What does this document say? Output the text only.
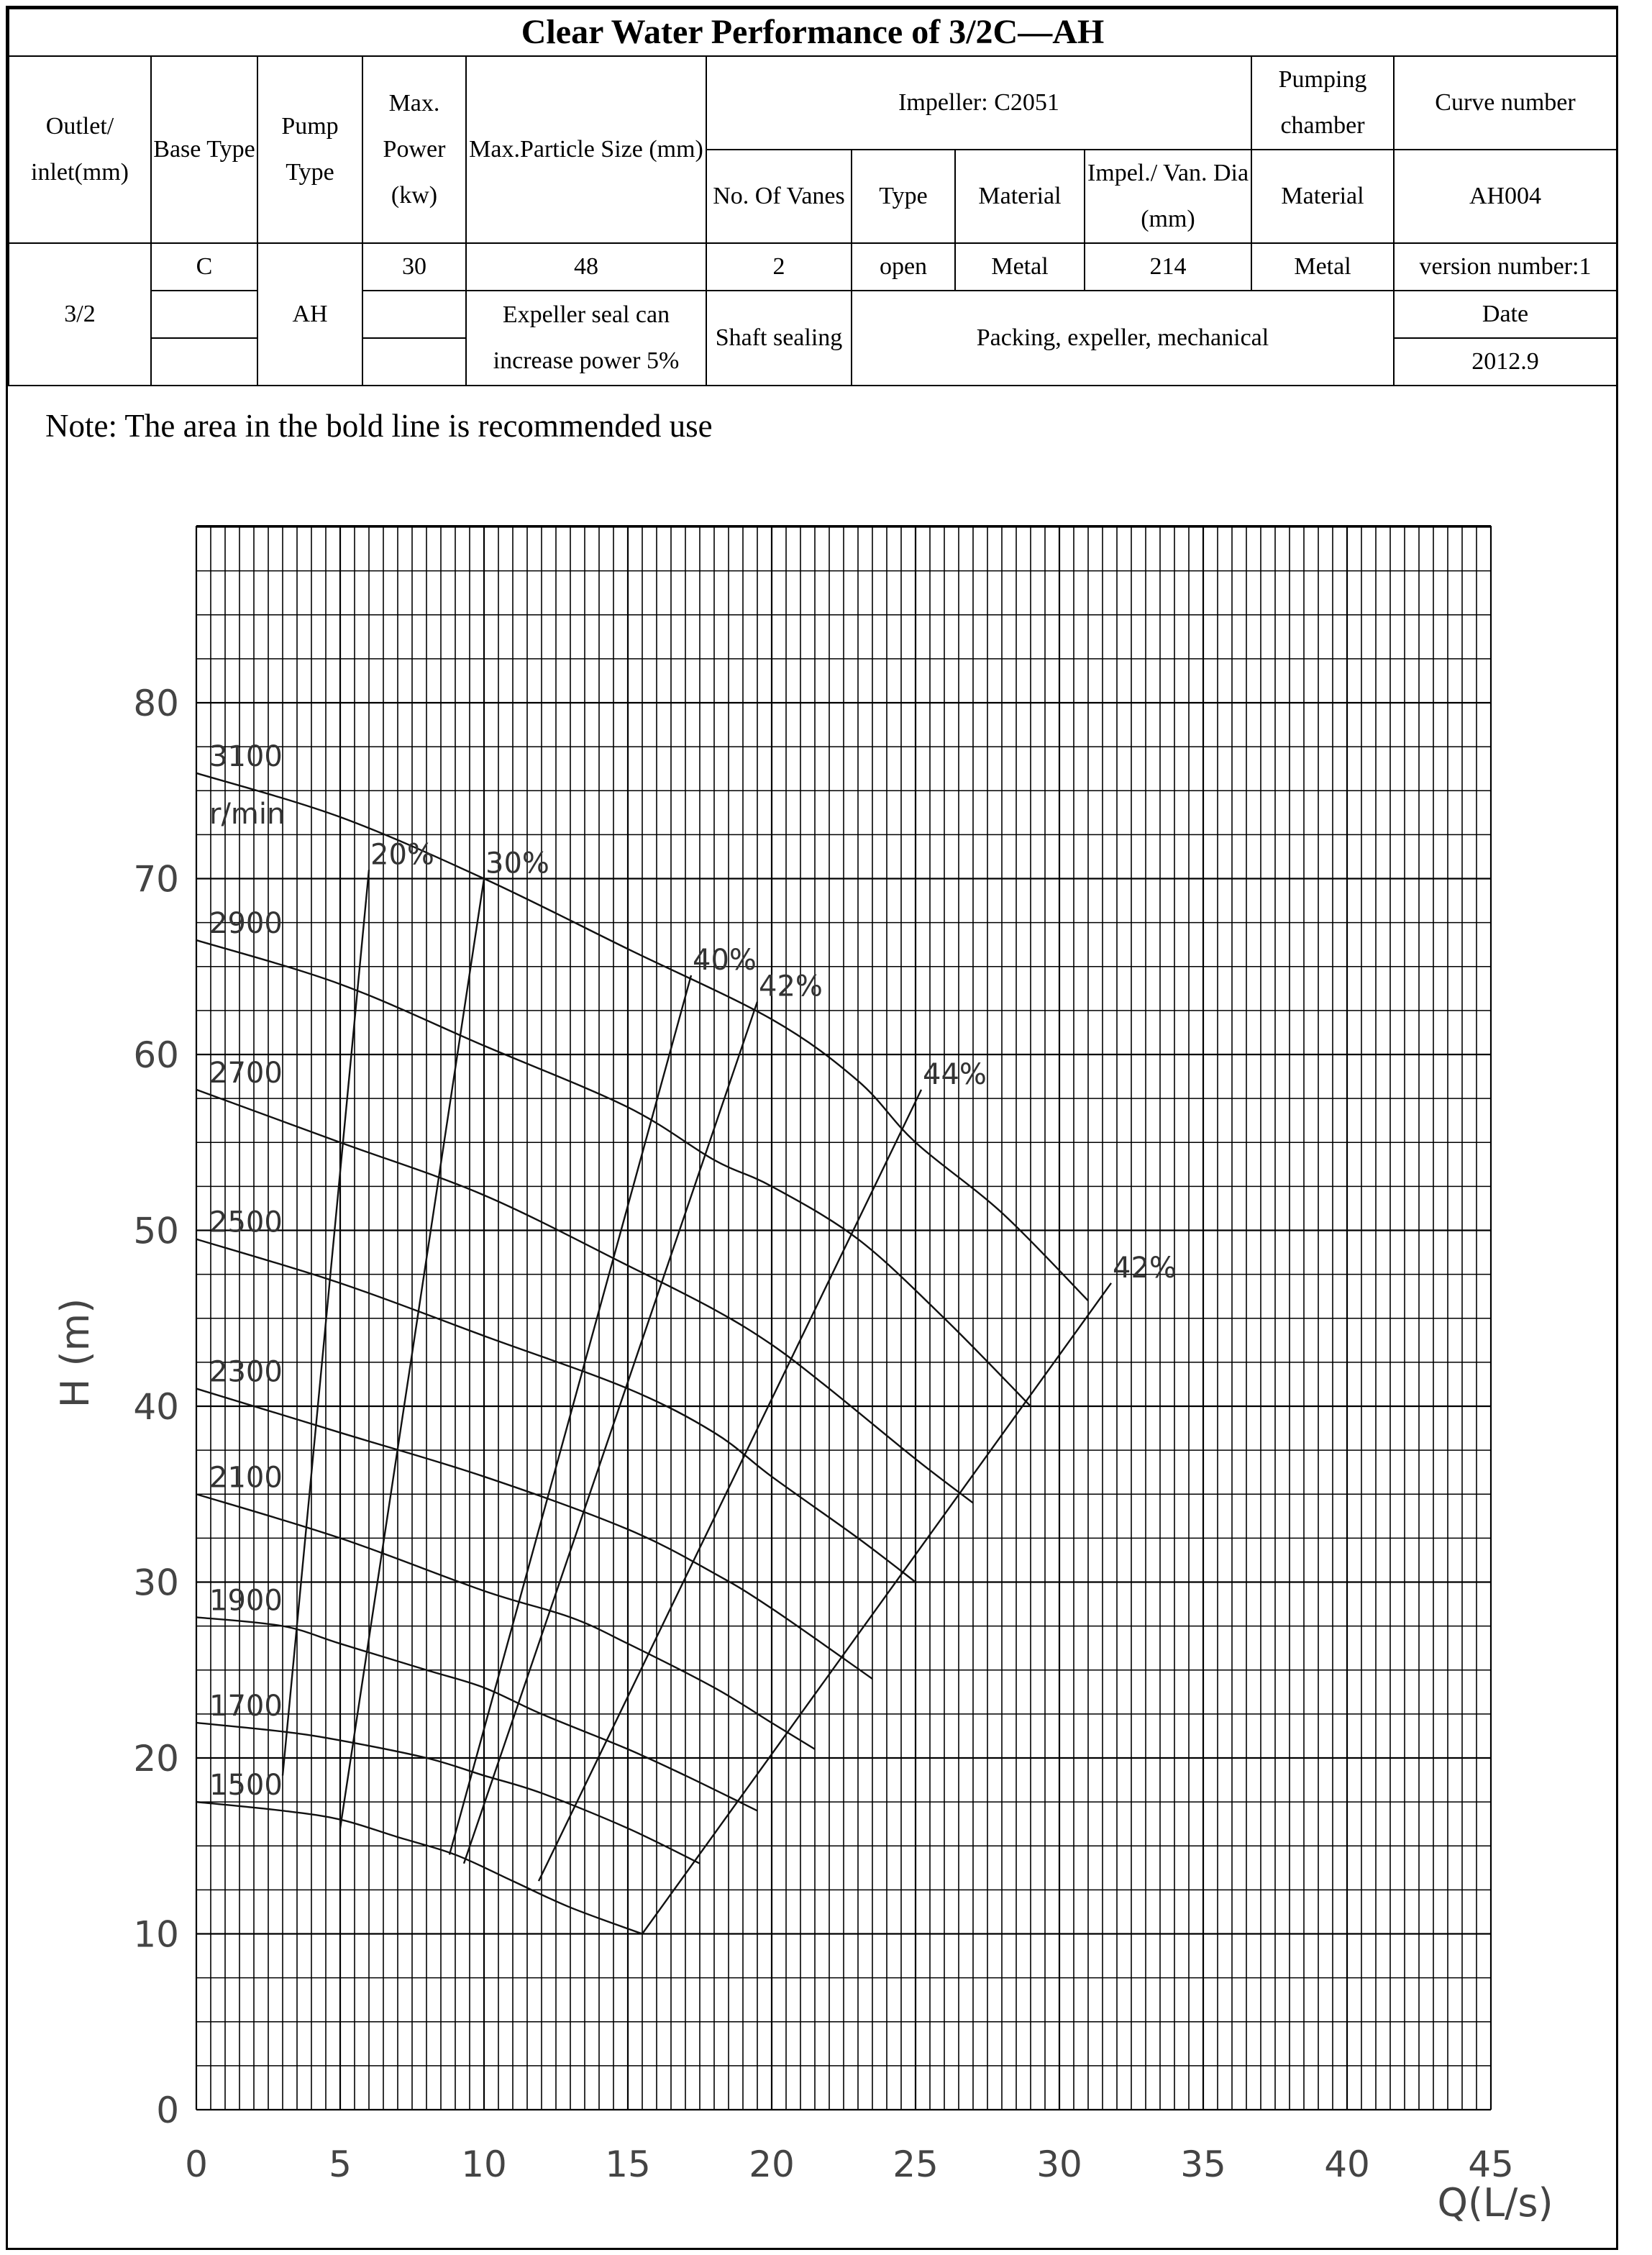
Clear Water Performance of 3/2C—AH										
Outlet/ inlet(mm)	Base Type	Pump Type	Max. Power (kw)	Max.Particle Size (mm)	Impeller: C2051				Pumping chamber	Curve number
					No. Of Vanes	Type	Material	Impel./ Van. Dia (mm)	Material	AH004
3/2	C	AH	30	48	2	open	Metal	214	Metal	version number:1
				Expeller seal can increase power 5%	Shaft sealing	Packing, expeller, mechanical				Date
										2012.9
Note: The area in the bold line is recommended use
3100
2900
2700
2500
2300
2100
1900
1700
1500
r/min
20% 30%
40%
42%
44%
42%
0	5	10	15	20	25	30	35	40	45
0
10
20
30
40
50
60
70
80
H (m)
Q(L/s)
